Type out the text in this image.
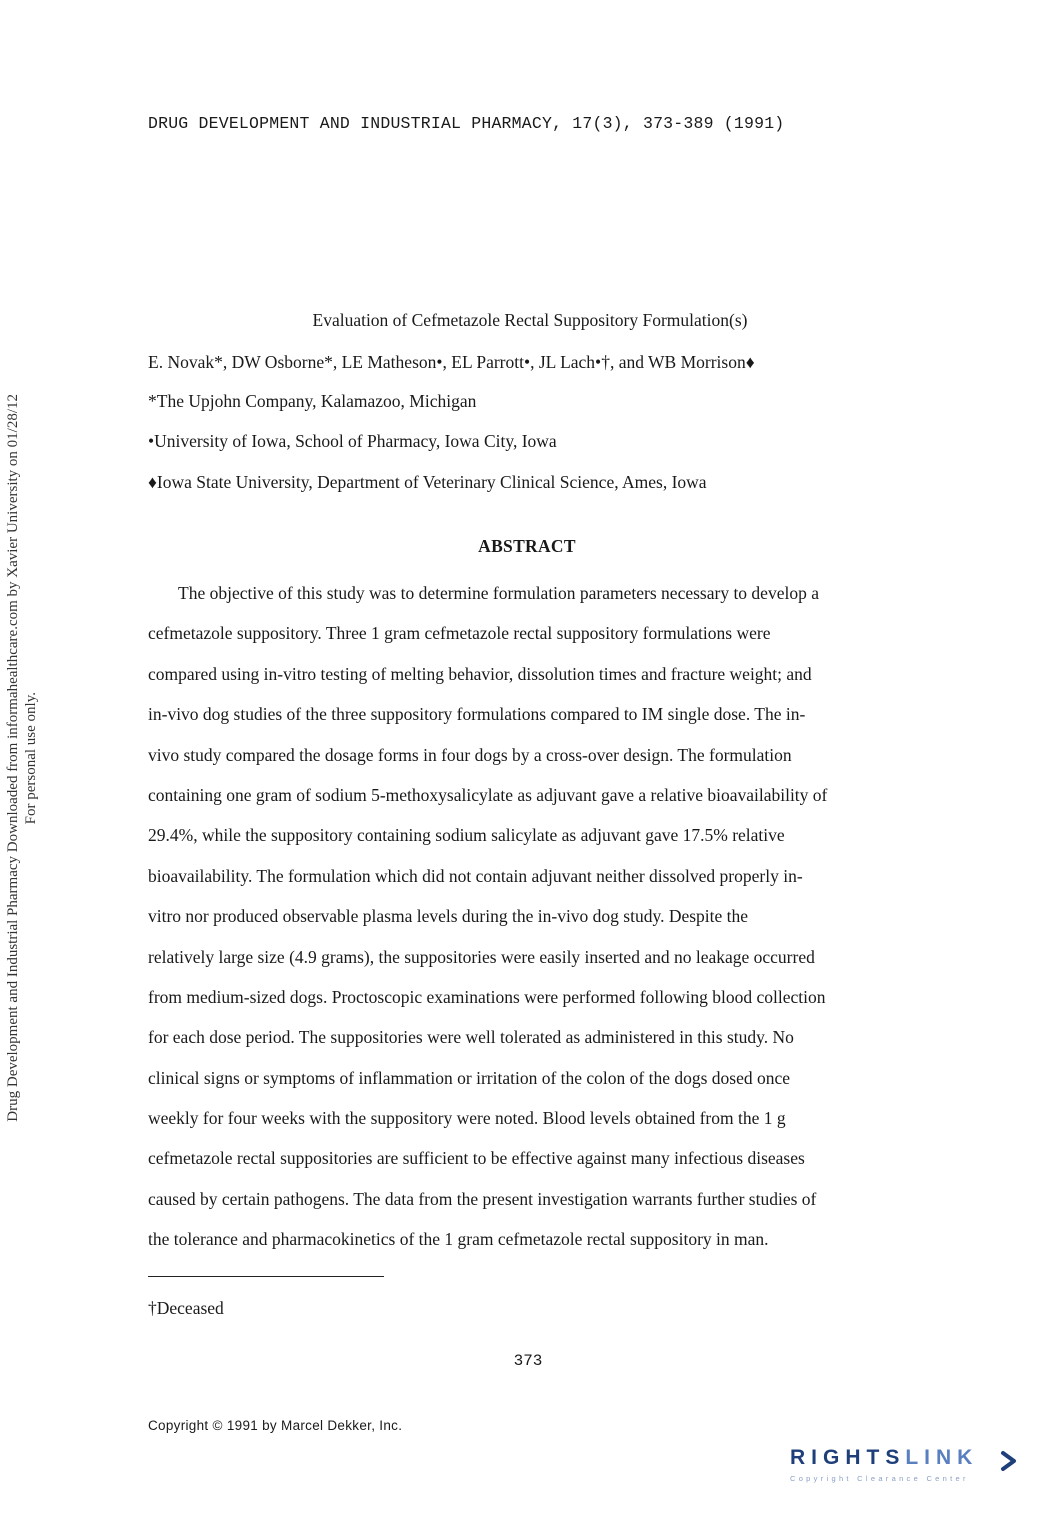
DRUG DEVELOPMENT AND INDUSTRIAL PHARMACY, 17(3), 373-389 (1991)
Drug Development and Industrial Pharmacy Downloaded from informahealthcare.com by Xavier University on 01/28/12 For personal use only.
Evaluation of Cefmetazole Rectal Suppository Formulation(s)
E. Novak*, DW Osborne*, LE Matheson•, EL Parrott•, JL Lach•†, and WB Morrison♦
*The Upjohn Company, Kalamazoo, Michigan
•University of Iowa, School of Pharmacy, Iowa City, Iowa
♦Iowa State University, Department of Veterinary Clinical Science, Ames, Iowa
ABSTRACT
The objective of this study was to determine formulation parameters necessary to develop a
cefmetazole suppository. Three 1 gram cefmetazole rectal suppository formulations were
compared using in-vitro testing of melting behavior, dissolution times and fracture weight; and
in-vivo dog studies of the three suppository formulations compared to IM single dose. The in-
vivo study compared the dosage forms in four dogs by a cross-over design. The formulation
containing one gram of sodium 5-methoxysalicylate as adjuvant gave a relative bioavailability of
29.4%, while the suppository containing sodium salicylate as adjuvant gave 17.5% relative
bioavailability. The formulation which did not contain adjuvant neither dissolved properly in-
vitro nor produced observable plasma levels during the in-vivo dog study. Despite the
relatively large size (4.9 grams), the suppositories were easily inserted and no leakage occurred
from medium-sized dogs. Proctoscopic examinations were performed following blood collection
for each dose period. The suppositories were well tolerated as administered in this study. No
clinical signs or symptoms of inflammation or irritation of the colon of the dogs dosed once
weekly for four weeks with the suppository were noted. Blood levels obtained from the 1 g
cefmetazole rectal suppositories are sufficient to be effective against many infectious diseases
caused by certain pathogens. The data from the present investigation warrants further studies of
the tolerance and pharmacokinetics of the 1 gram cefmetazole rectal suppository in man.
†Deceased
373
Copyright © 1991 by Marcel Dekker, Inc.
RIGHTSLINK
Copyright Clearance Center
